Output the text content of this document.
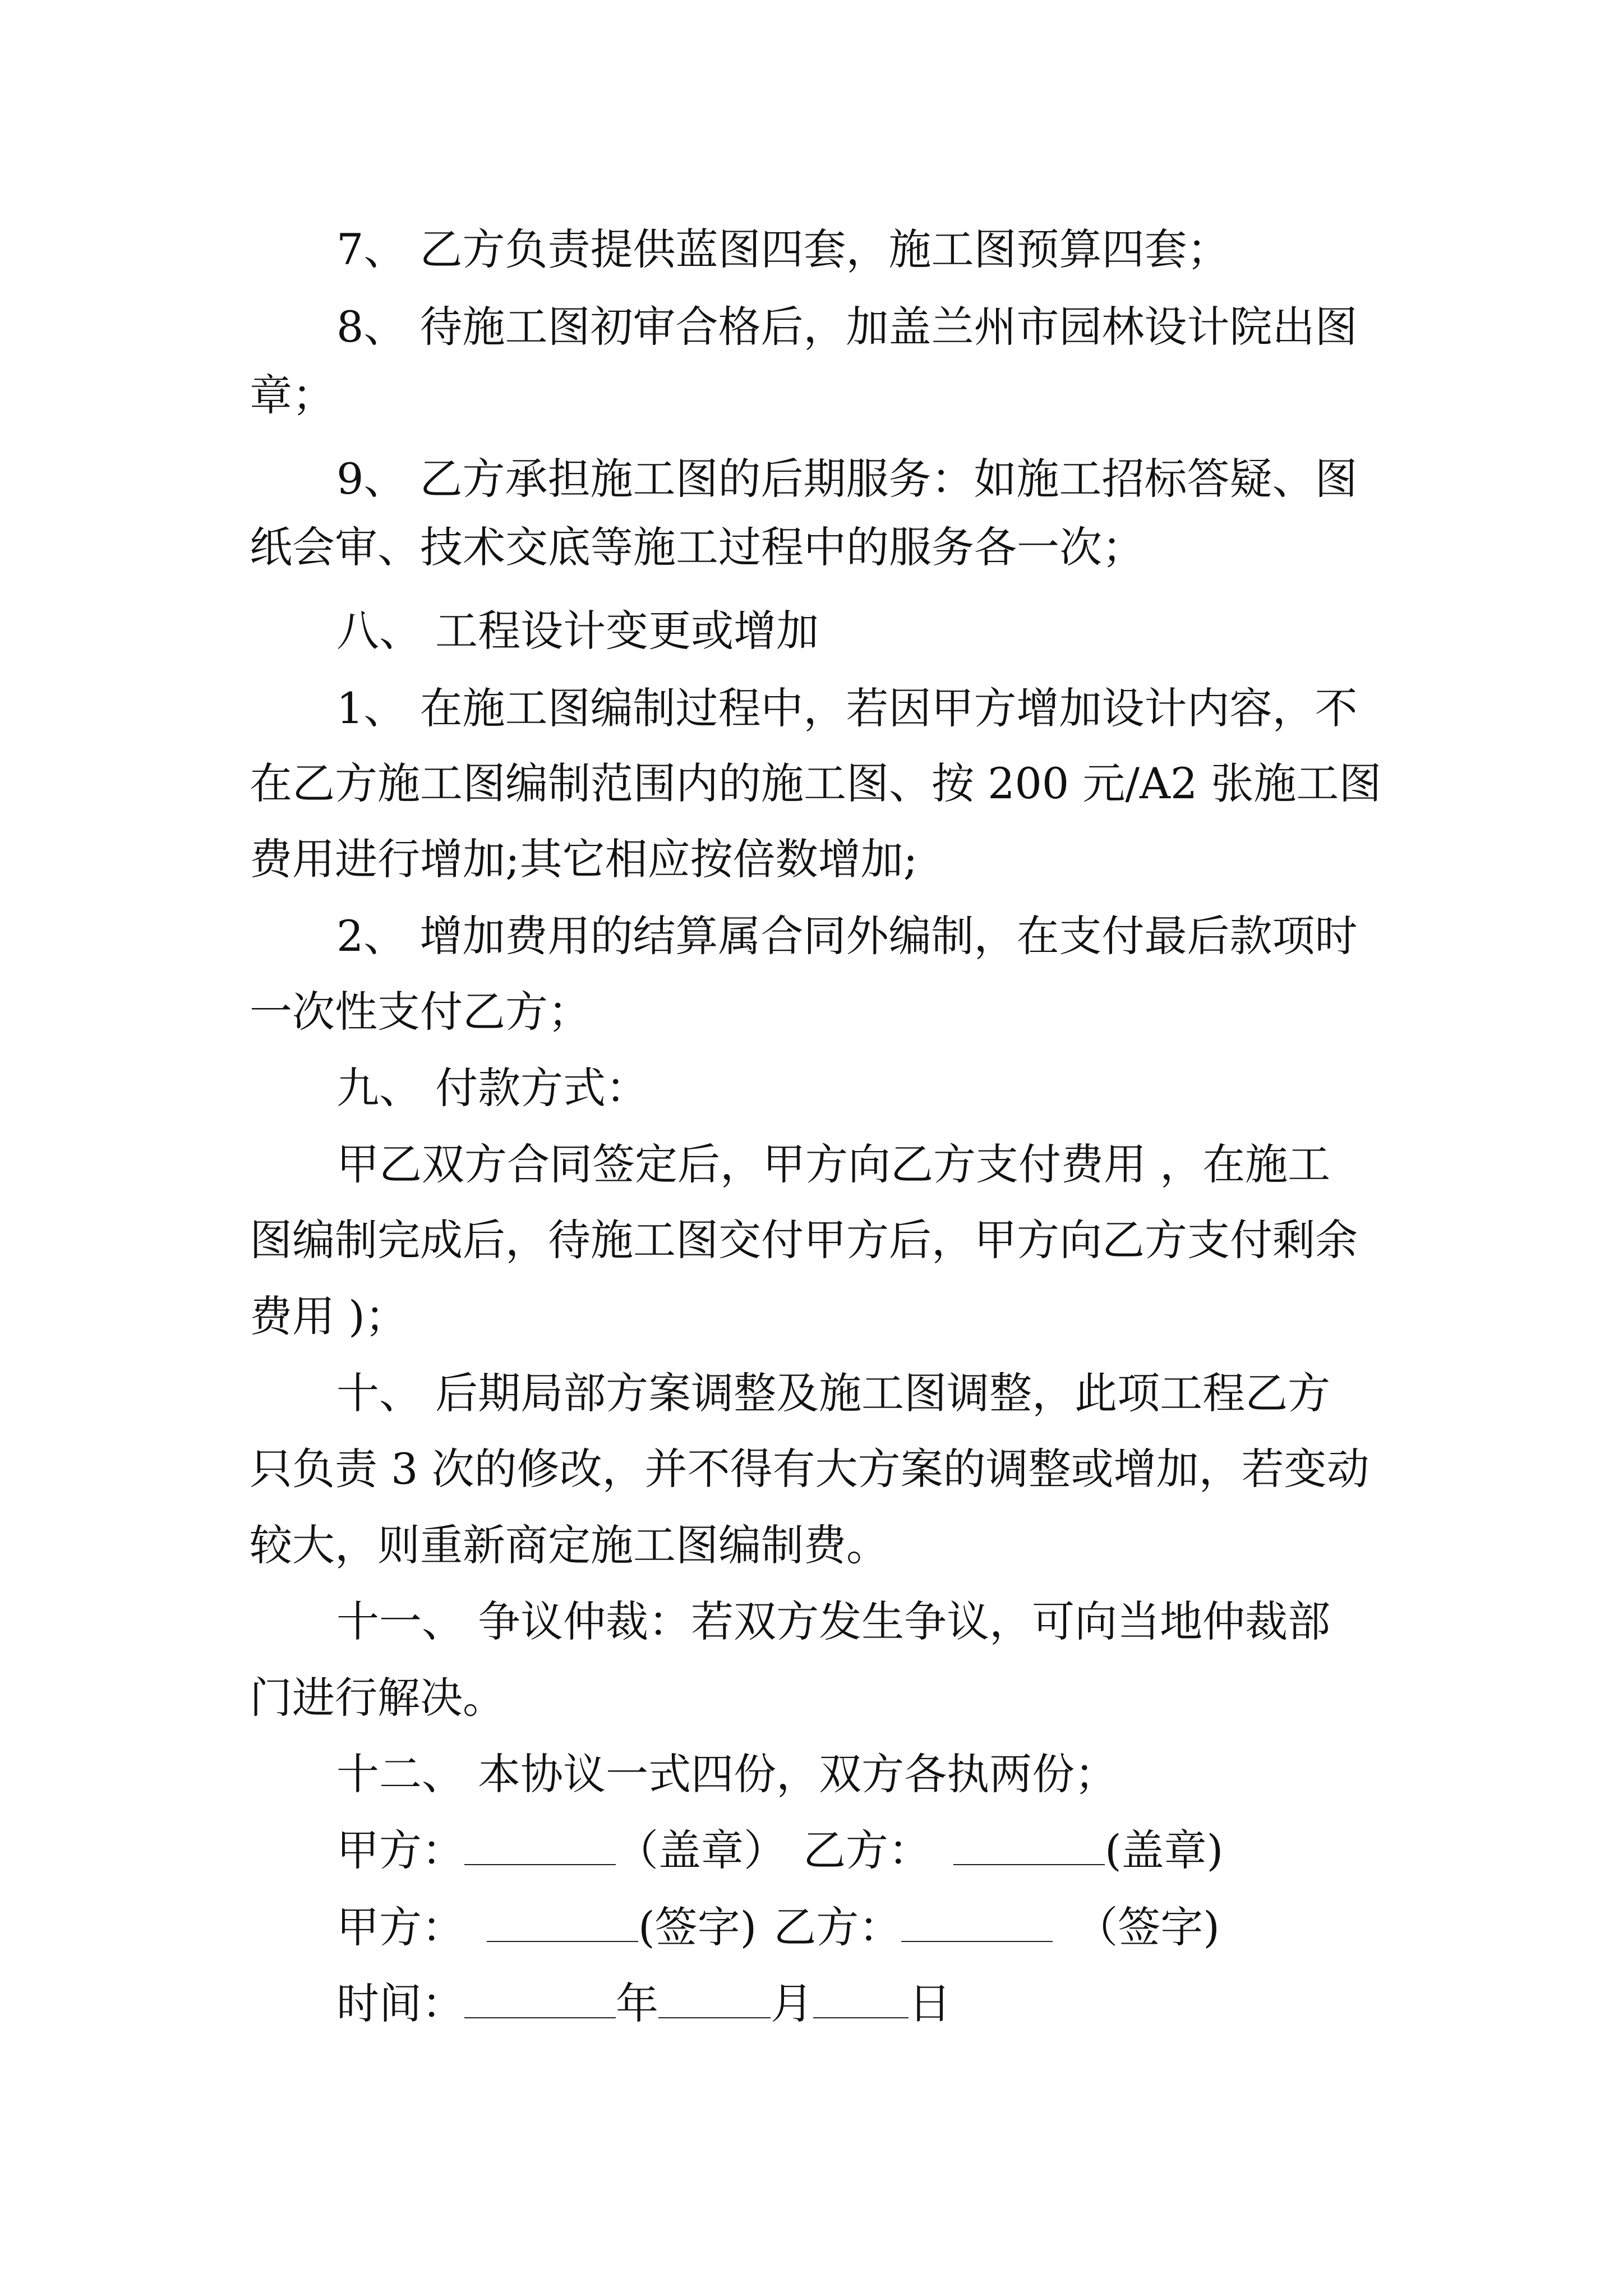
7、 乙方负责提供蓝图四套，施工图预算四套；
8、 待施工图初审合格后，加盖兰州市园林设计院出图
章；
9、 乙方承担施工图的后期服务：如施工招标答疑、图
纸会审、技术交底等施工过程中的服务各一次；
八、 工程设计变更或增加
1、 在施工图编制过程中，若因甲方增加设计内容，不
在乙方施工图编制范围内的施工图、按 200 元/A2 张施工图
费用进行增加;其它相应按倍数增加;
2、 增加费用的结算属合同外编制，在支付最后款项时
一次性支付乙方；
九、 付款方式：
甲乙双方合同签定后，甲方向乙方支付费用 ，在施工
图编制完成后，待施工图交付甲方后，甲方向乙方支付剩余
费用 )；
十、 后期局部方案调整及施工图调整，此项工程乙方
只负责 3 次的修改，并不得有大方案的调整或增加，若变动
较大，则重新商定施工图编制费。
十一、 争议仲裁：若双方发生争议，可向当地仲裁部
门进行解决。
十二、 本协议一式四份，双方各执两份；
甲方：	（盖章） 乙方：	(盖章)
甲方：	(签字) 乙方：	（签字)
时间：	年	月 日
